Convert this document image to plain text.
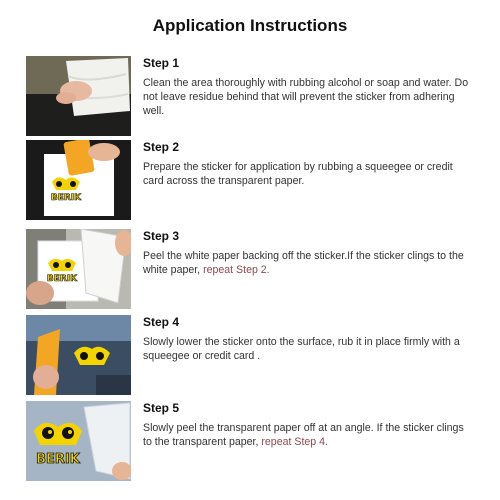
Application Instructions
Step 1
Clean the area thoroughly with rubbing alcohol or soap and water. Do not leave residue behind that will prevent the sticker from adhering well.
BERIK
Step 2
Prepare the sticker for application by rubbing a squeegee or credit card across the transparent paper.
BERIK
Step 3
Peel the white paper backing off the sticker.If the sticker clings to the white paper, repeat Step 2.
Step 4
Slowly lower the sticker onto the surface, rub it in place firmly with a squeegee or credit card .
BERIK
Step 5
Slowly peel the transparent paper off at an angle. If the sticker clings to the transparent paper, repeat Step 4.
